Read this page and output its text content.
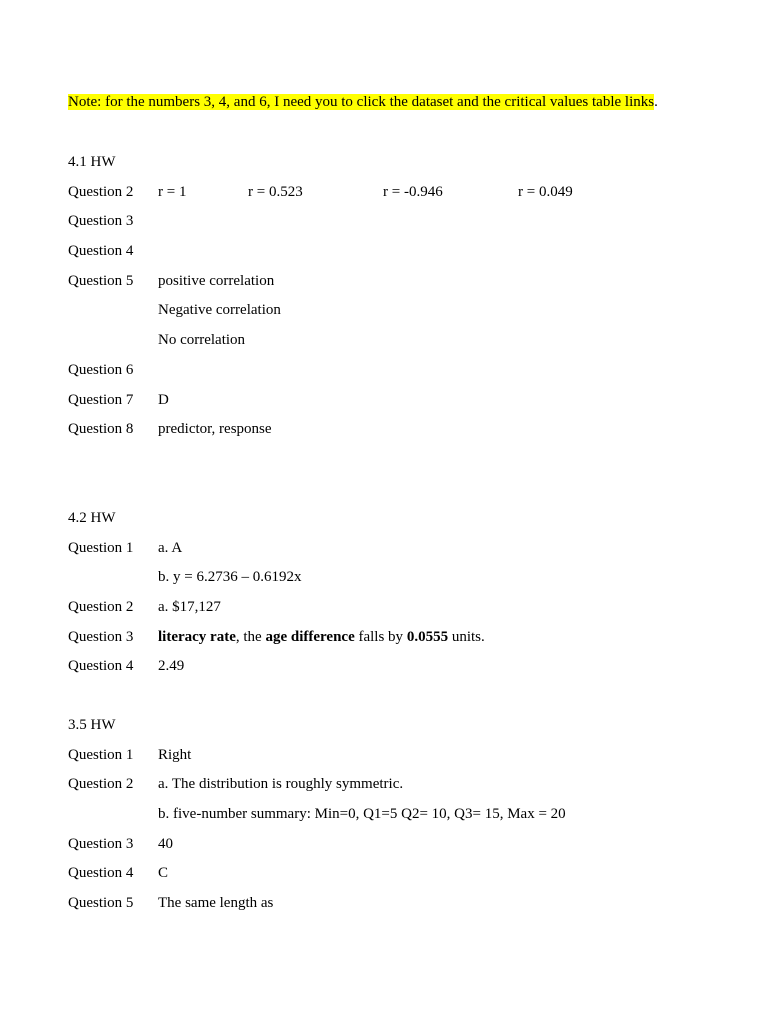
Note: for the numbers 3, 4, and 6, I need you to click the dataset and the critical values table links.

4.1 HW
Question 2	r = 1	r = 0.523	r = -0.946	r = 0.049
Question 3
Question 4
Question 5	positive correlation
Negative correlation
No correlation
Question 6
Question 7	D
Question 8	predictor, response
4.2 HW
Question 1	a. A
b. y = 6.2736 – 0.6192x
Question 2	a. $17,127
Question 3	literacy rate, the age difference falls by 0.0555 units.
Question 4	2.49
3.5 HW
Question 1	Right
Question 2	a. The distribution is roughly symmetric.
b. five-number summary: Min=0, Q1=5 Q2= 10, Q3= 15, Max = 20
Question 3	40
Question 4	C
Question 5	The same length as
